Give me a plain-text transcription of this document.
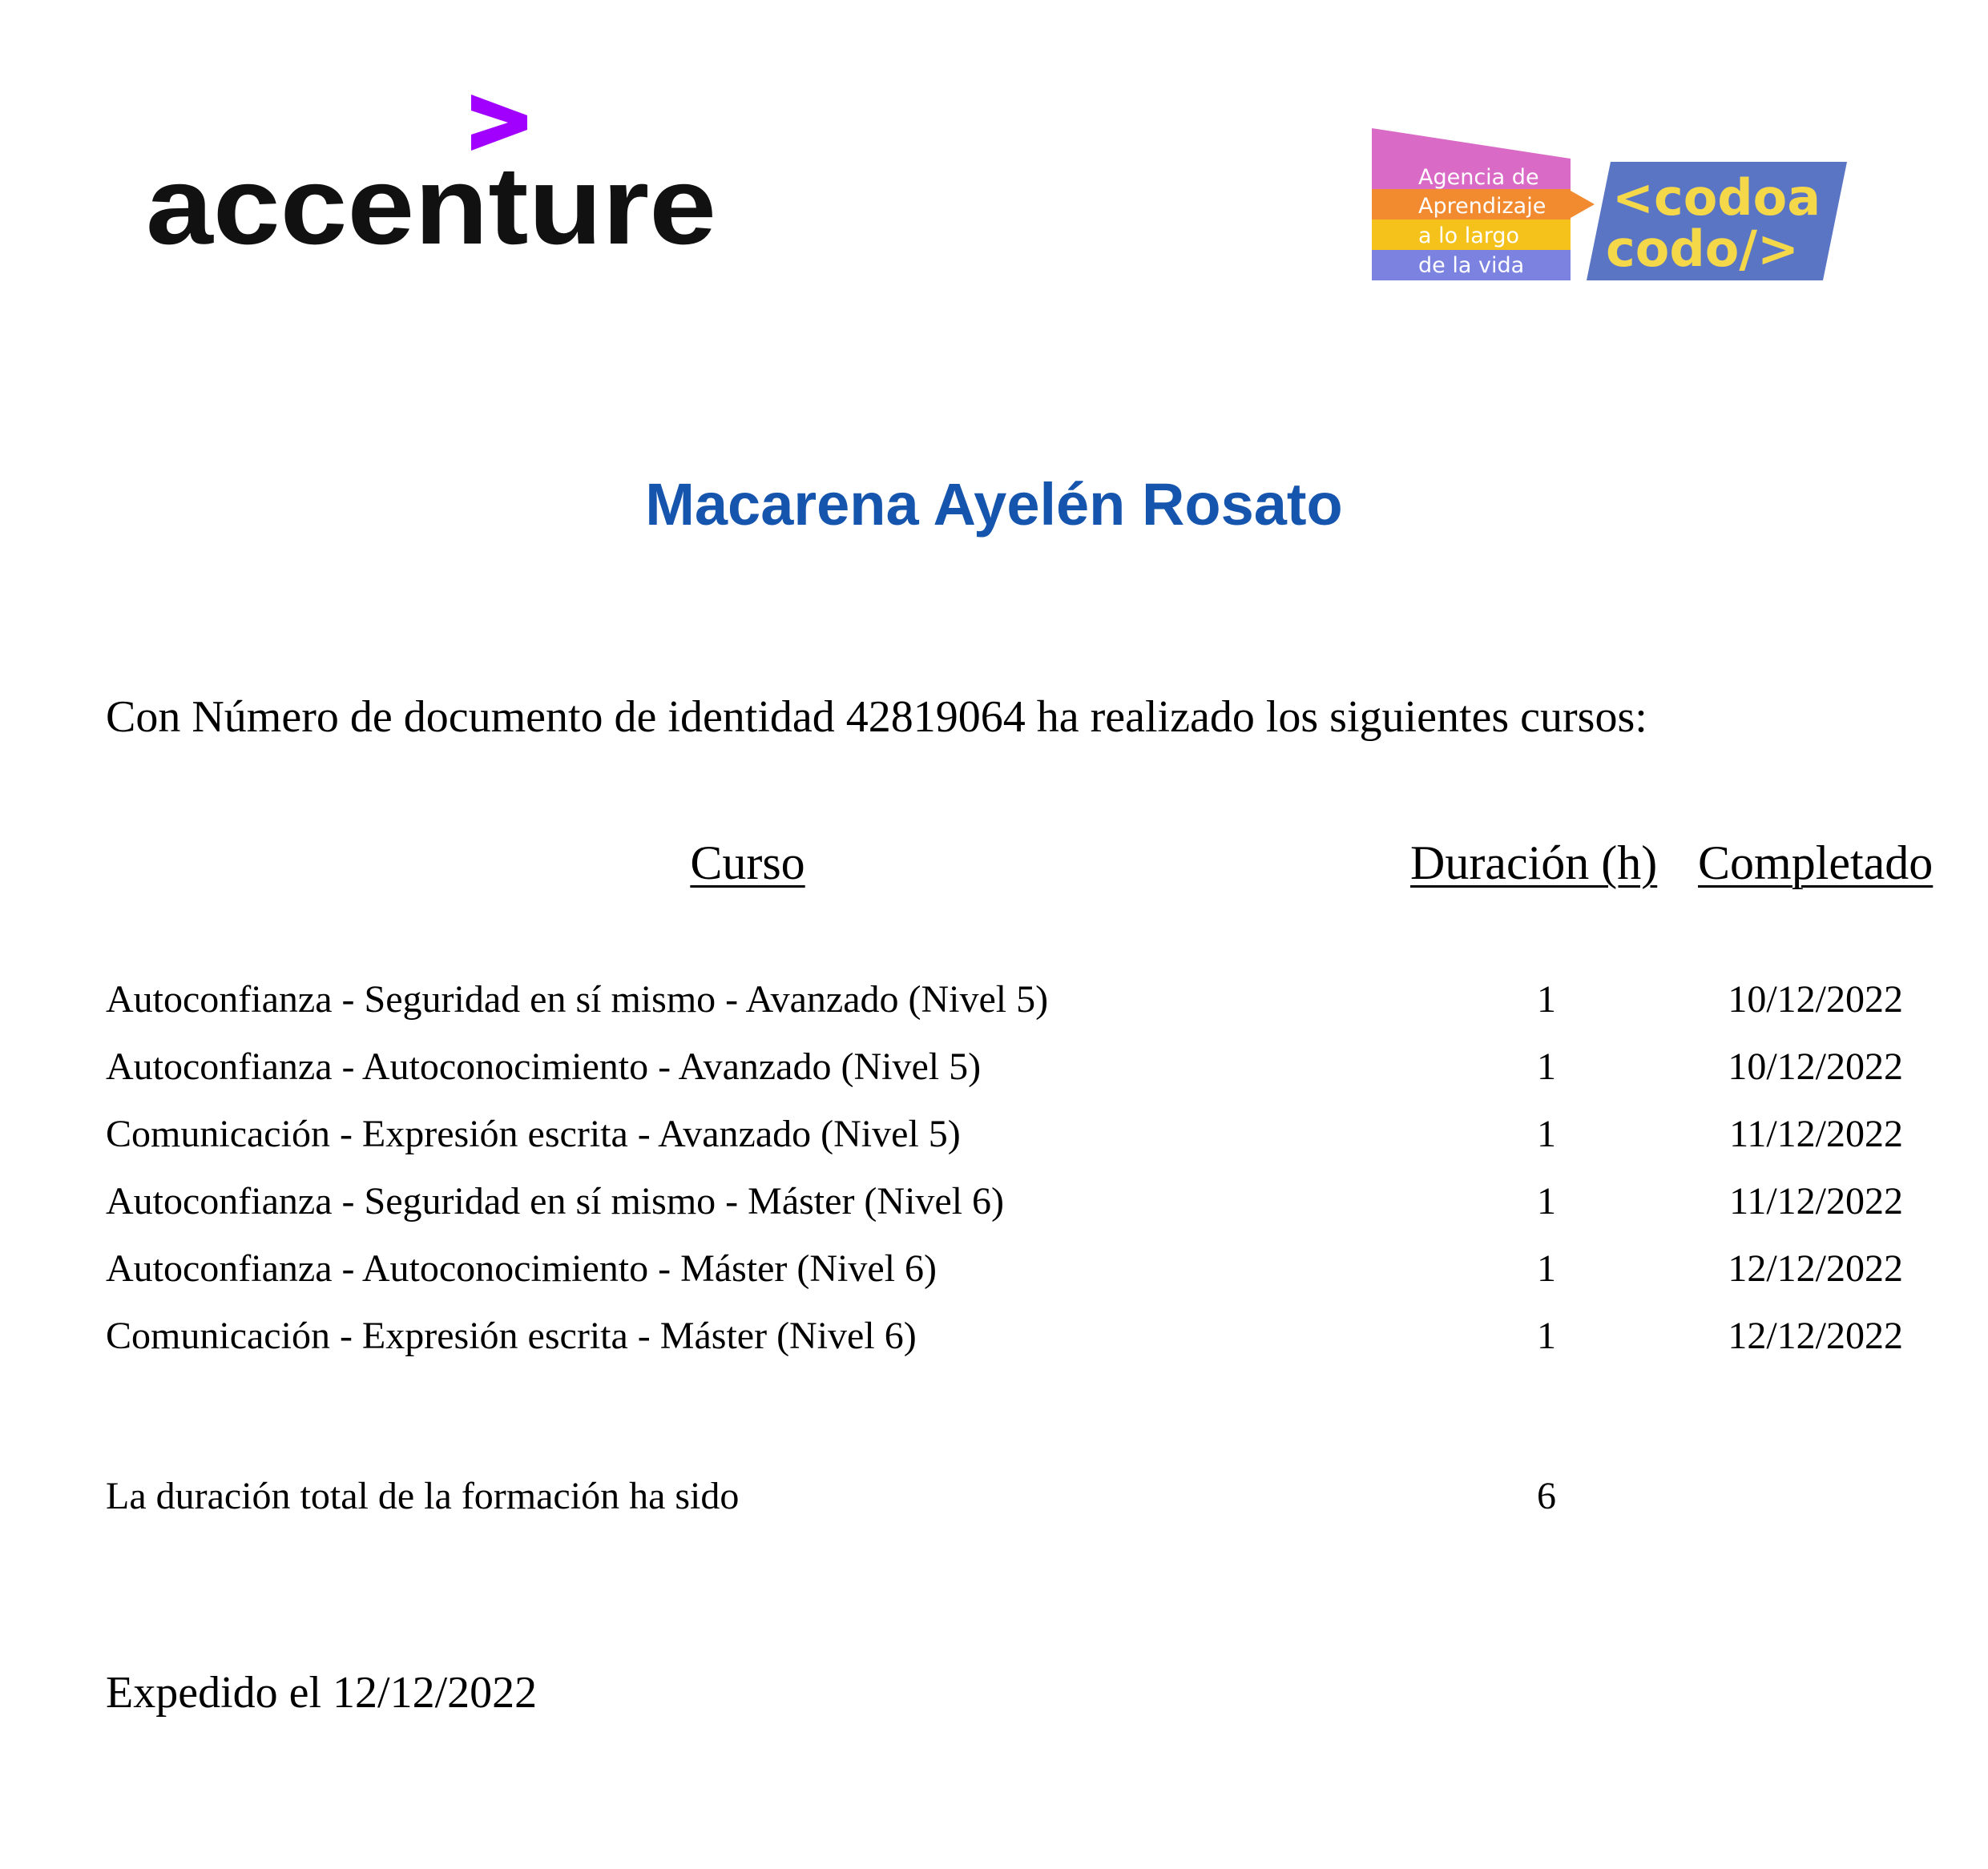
accenture	Agencia de
Aprendizaje
a lo largo
de la vida
<codoa
codo/>
Macarena Ayelén Rosato
Con Número de documento de identidad 42819064 ha realizado los siguientes cursos:
Curso	Duración (h) Completado
Autoconfianza - Seguridad en sí mismo - Avanzado (Nivel 5)	1	10/12/2022
Autoconfianza - Autoconocimiento - Avanzado (Nivel 5)	1	10/12/2022
Comunicación - Expresión escrita - Avanzado (Nivel 5)	1	11/12/2022
Autoconfianza - Seguridad en sí mismo - Máster (Nivel 6)	1	11/12/2022
Autoconfianza - Autoconocimiento - Máster (Nivel 6)	1	12/12/2022
Comunicación - Expresión escrita - Máster (Nivel 6)	1	12/12/2022
La duración total de la formación ha sido	6
Expedido el 12/12/2022
